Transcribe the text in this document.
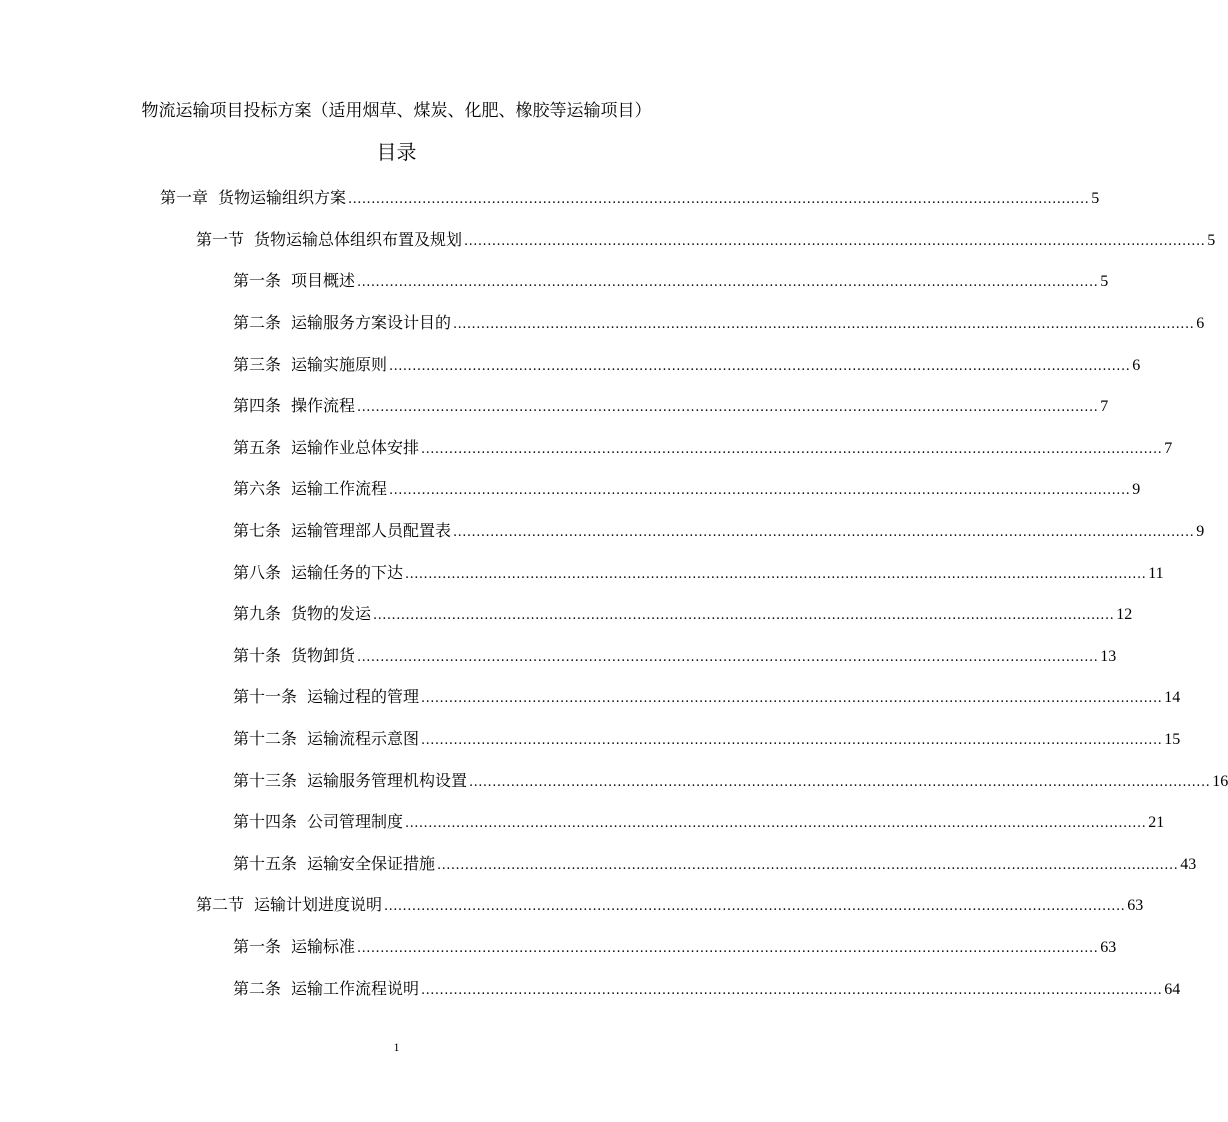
物流运输项目投标方案（适用烟草、煤炭、化肥、橡胶等运输项目）
目录
第一章 货物运输组织方案 .....	5
第一节 货物运输总体组织布置及规划 .....	5
第一条 项目概述 .....	5
第二条 运输服务方案设计目的 .....	6
第三条 运输实施原则 .....	6
第四条 操作流程 .....	7
第五条 运输作业总体安排 .....	7
第六条 运输工作流程 .....	9
第七条 运输管理部人员配置表 .....	9
第八条 运输任务的下达 .....	11
第九条 货物的发运 .....	12
第十条 货物卸货 .....	13
第十一条 运输过程的管理 .....	14
第十二条 运输流程示意图 .....	15
第十三条 运输服务管理机构设置 .....	16
第十四条 公司管理制度 .....	21
第十五条 运输安全保证措施 .....	43
第二节 运输计划进度说明 .....	63
第一条 运输标准 .....	63
第二条 运输工作流程说明 .....	64
1
